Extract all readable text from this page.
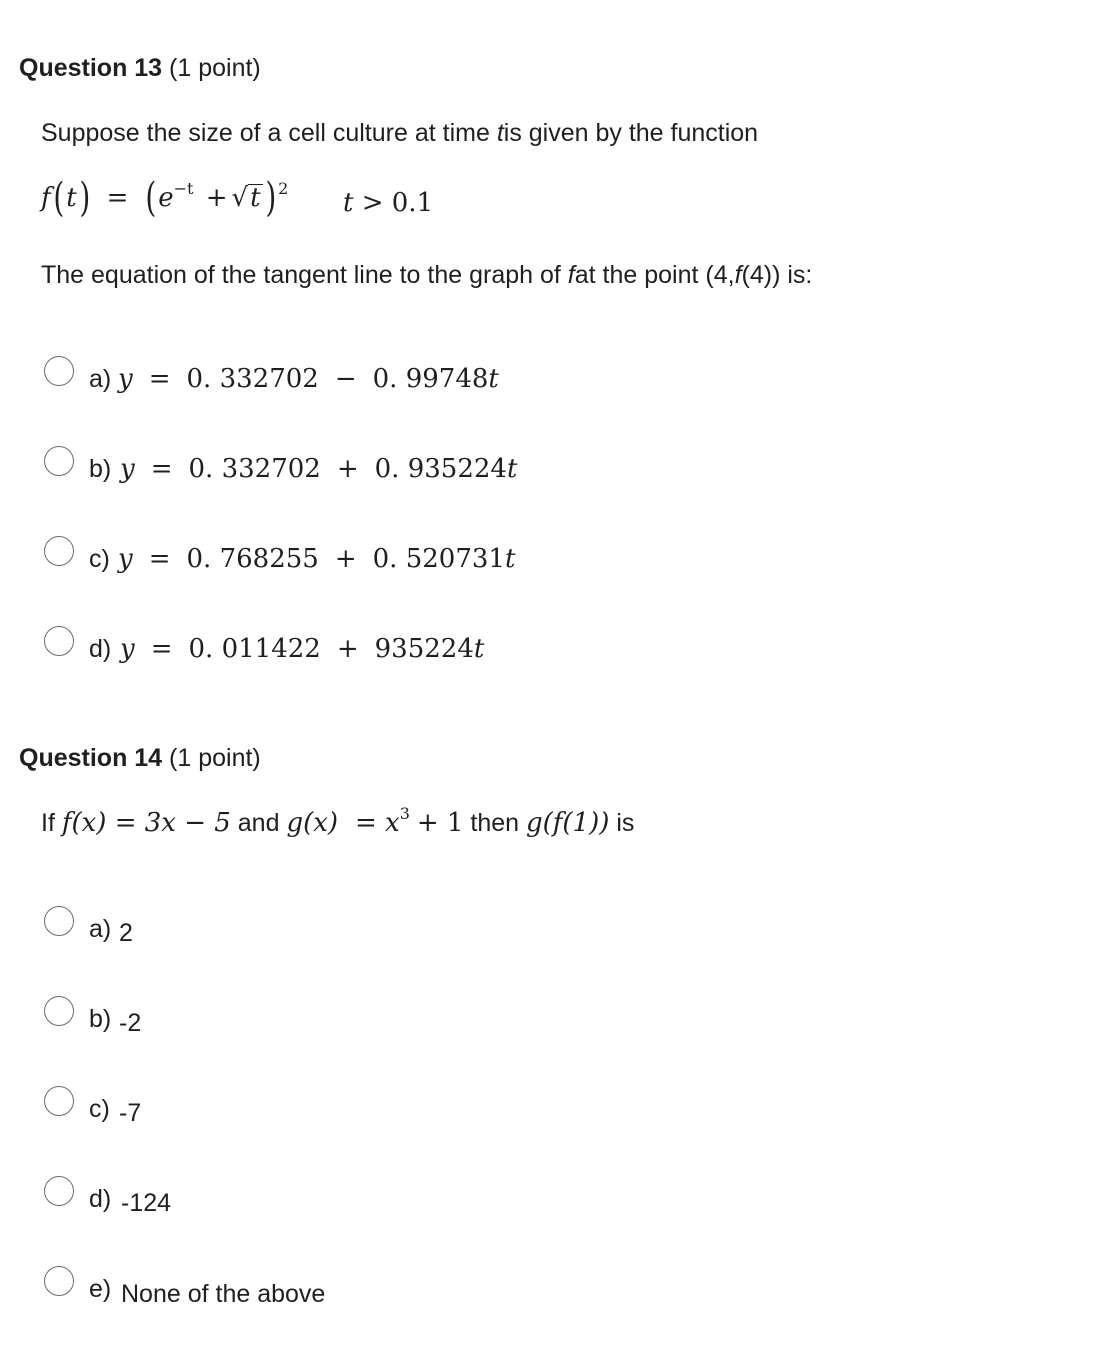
Question 13 (1 point)
Suppose the size of a cell culture at time tis given by the function
$f(t) = (e^{-t} + √t$ ) $^2$ t > 0.1
The equation of the tangent line to the graph of fat the point (4,f(4)) is:
a) y = 0. 332702 − 0. 99748t
b) y = 0. 332702 + 0. 935224t
c) y = 0. 768255 + 0. 520731t
d) y = 0. 011422 + 935224t
Question 14 (1 point)
If f(x) = 3x − 5 and $g(x) = x^3 + 1$ then g(f(1)) is
a) 2
b) -2
c) -7
d) -124
e) None of the above
